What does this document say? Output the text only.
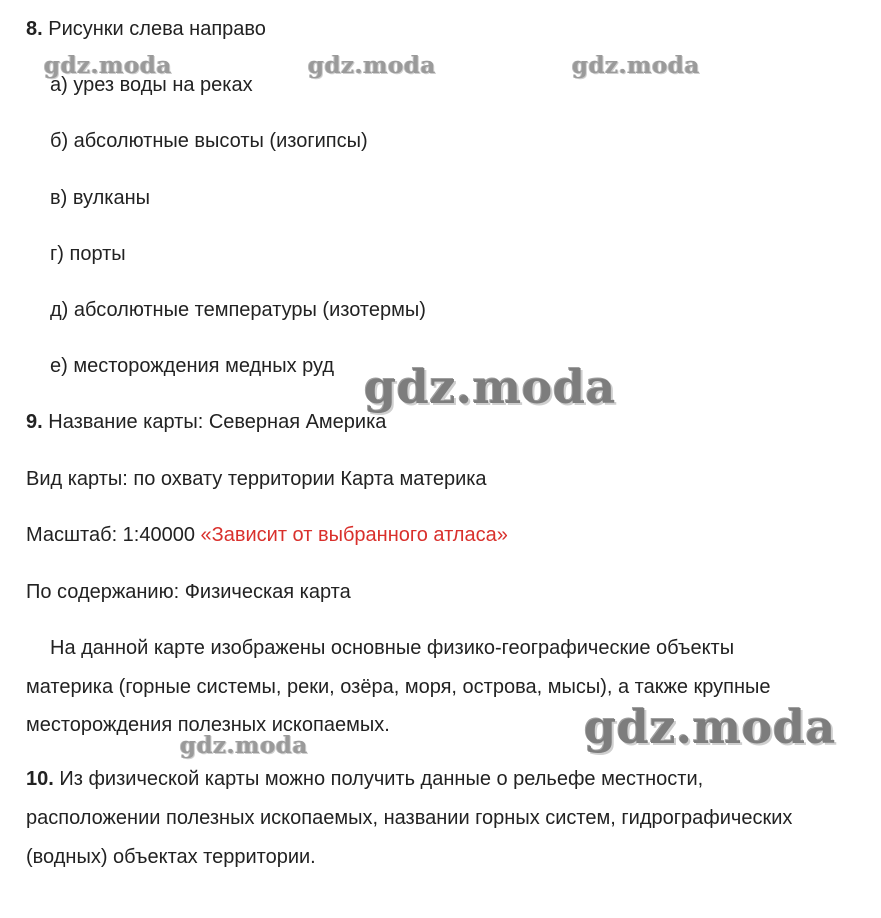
8. Рисунки слева направо
а) урез воды на реках
б) абсолютные высоты (изогипсы)
в) вулканы
г) порты
д) абсолютные температуры (изотермы)
е) месторождения медных руд
9. Название карты: Северная Америка
Вид карты: по охвату территории Карта материка
Масштаб: 1:40000 «Зависит от выбранного атласа»
По содержанию: Физическая карта
На данной карте изображены основные физико-географические объекты
материка (горные системы, реки, озёра, моря, острова, мысы), а также крупные
месторождения полезных ископаемых.
10. Из физической карты можно получить данные о рельефе местности,
расположении полезных ископаемых, названии горных систем, гидрографических
(водных) объектах территории.
gdz.moda	gdz.moda	gdz.moda
gdz.moda
gdz.moda
gdz.moda
